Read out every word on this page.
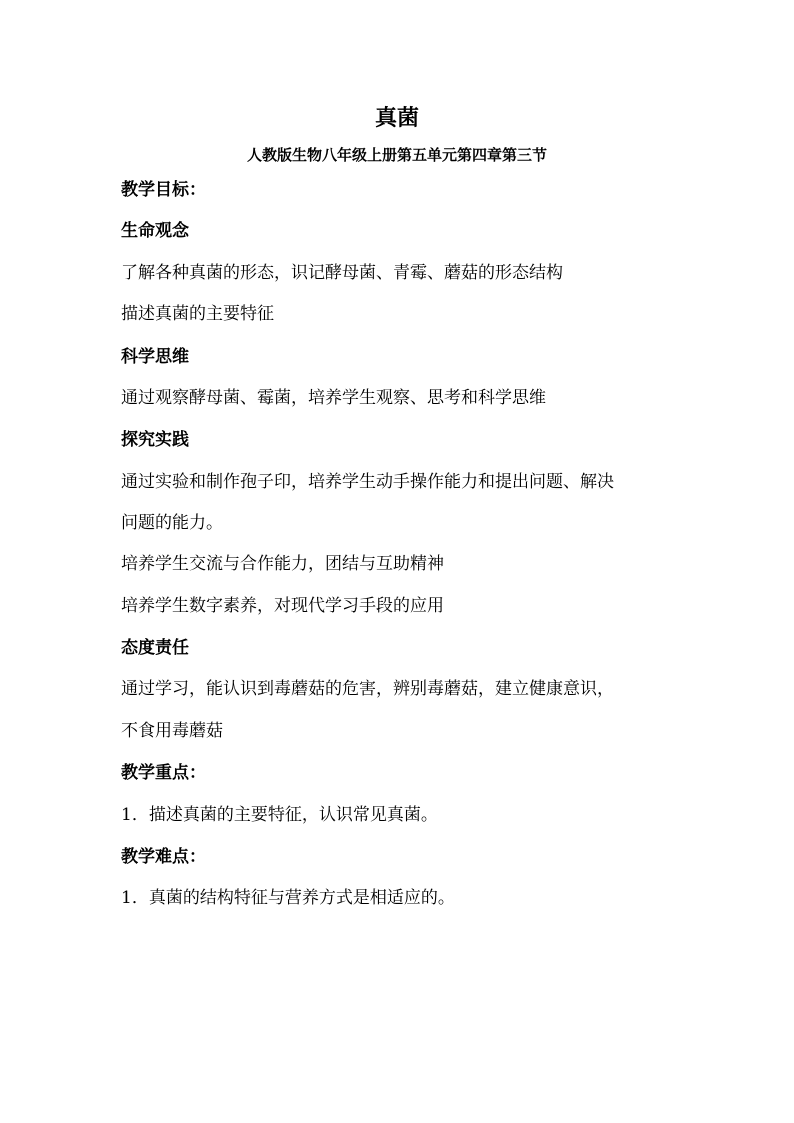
真菌
人教版生物八年级上册第五单元第四章第三节
教学目标：
生命观念
了解各种真菌的形态，识记酵母菌、青霉、蘑菇的形态结构
描述真菌的主要特征
科学思维
通过观察酵母菌、霉菌，培养学生观察、思考和科学思维
探究实践
通过实验和制作孢子印，培养学生动手操作能力和提出问题、解决
问题的能力。
培养学生交流与合作能力，团结与互助精神
培养学生数字素养，对现代学习手段的应用
态度责任
通过学习，能认识到毒蘑菇的危害，辨别毒蘑菇，建立健康意识，
不食用毒蘑菇
教学重点：
1．描述真菌的主要特征，认识常见真菌。
教学难点：
1．真菌的结构特征与营养方式是相适应的。
